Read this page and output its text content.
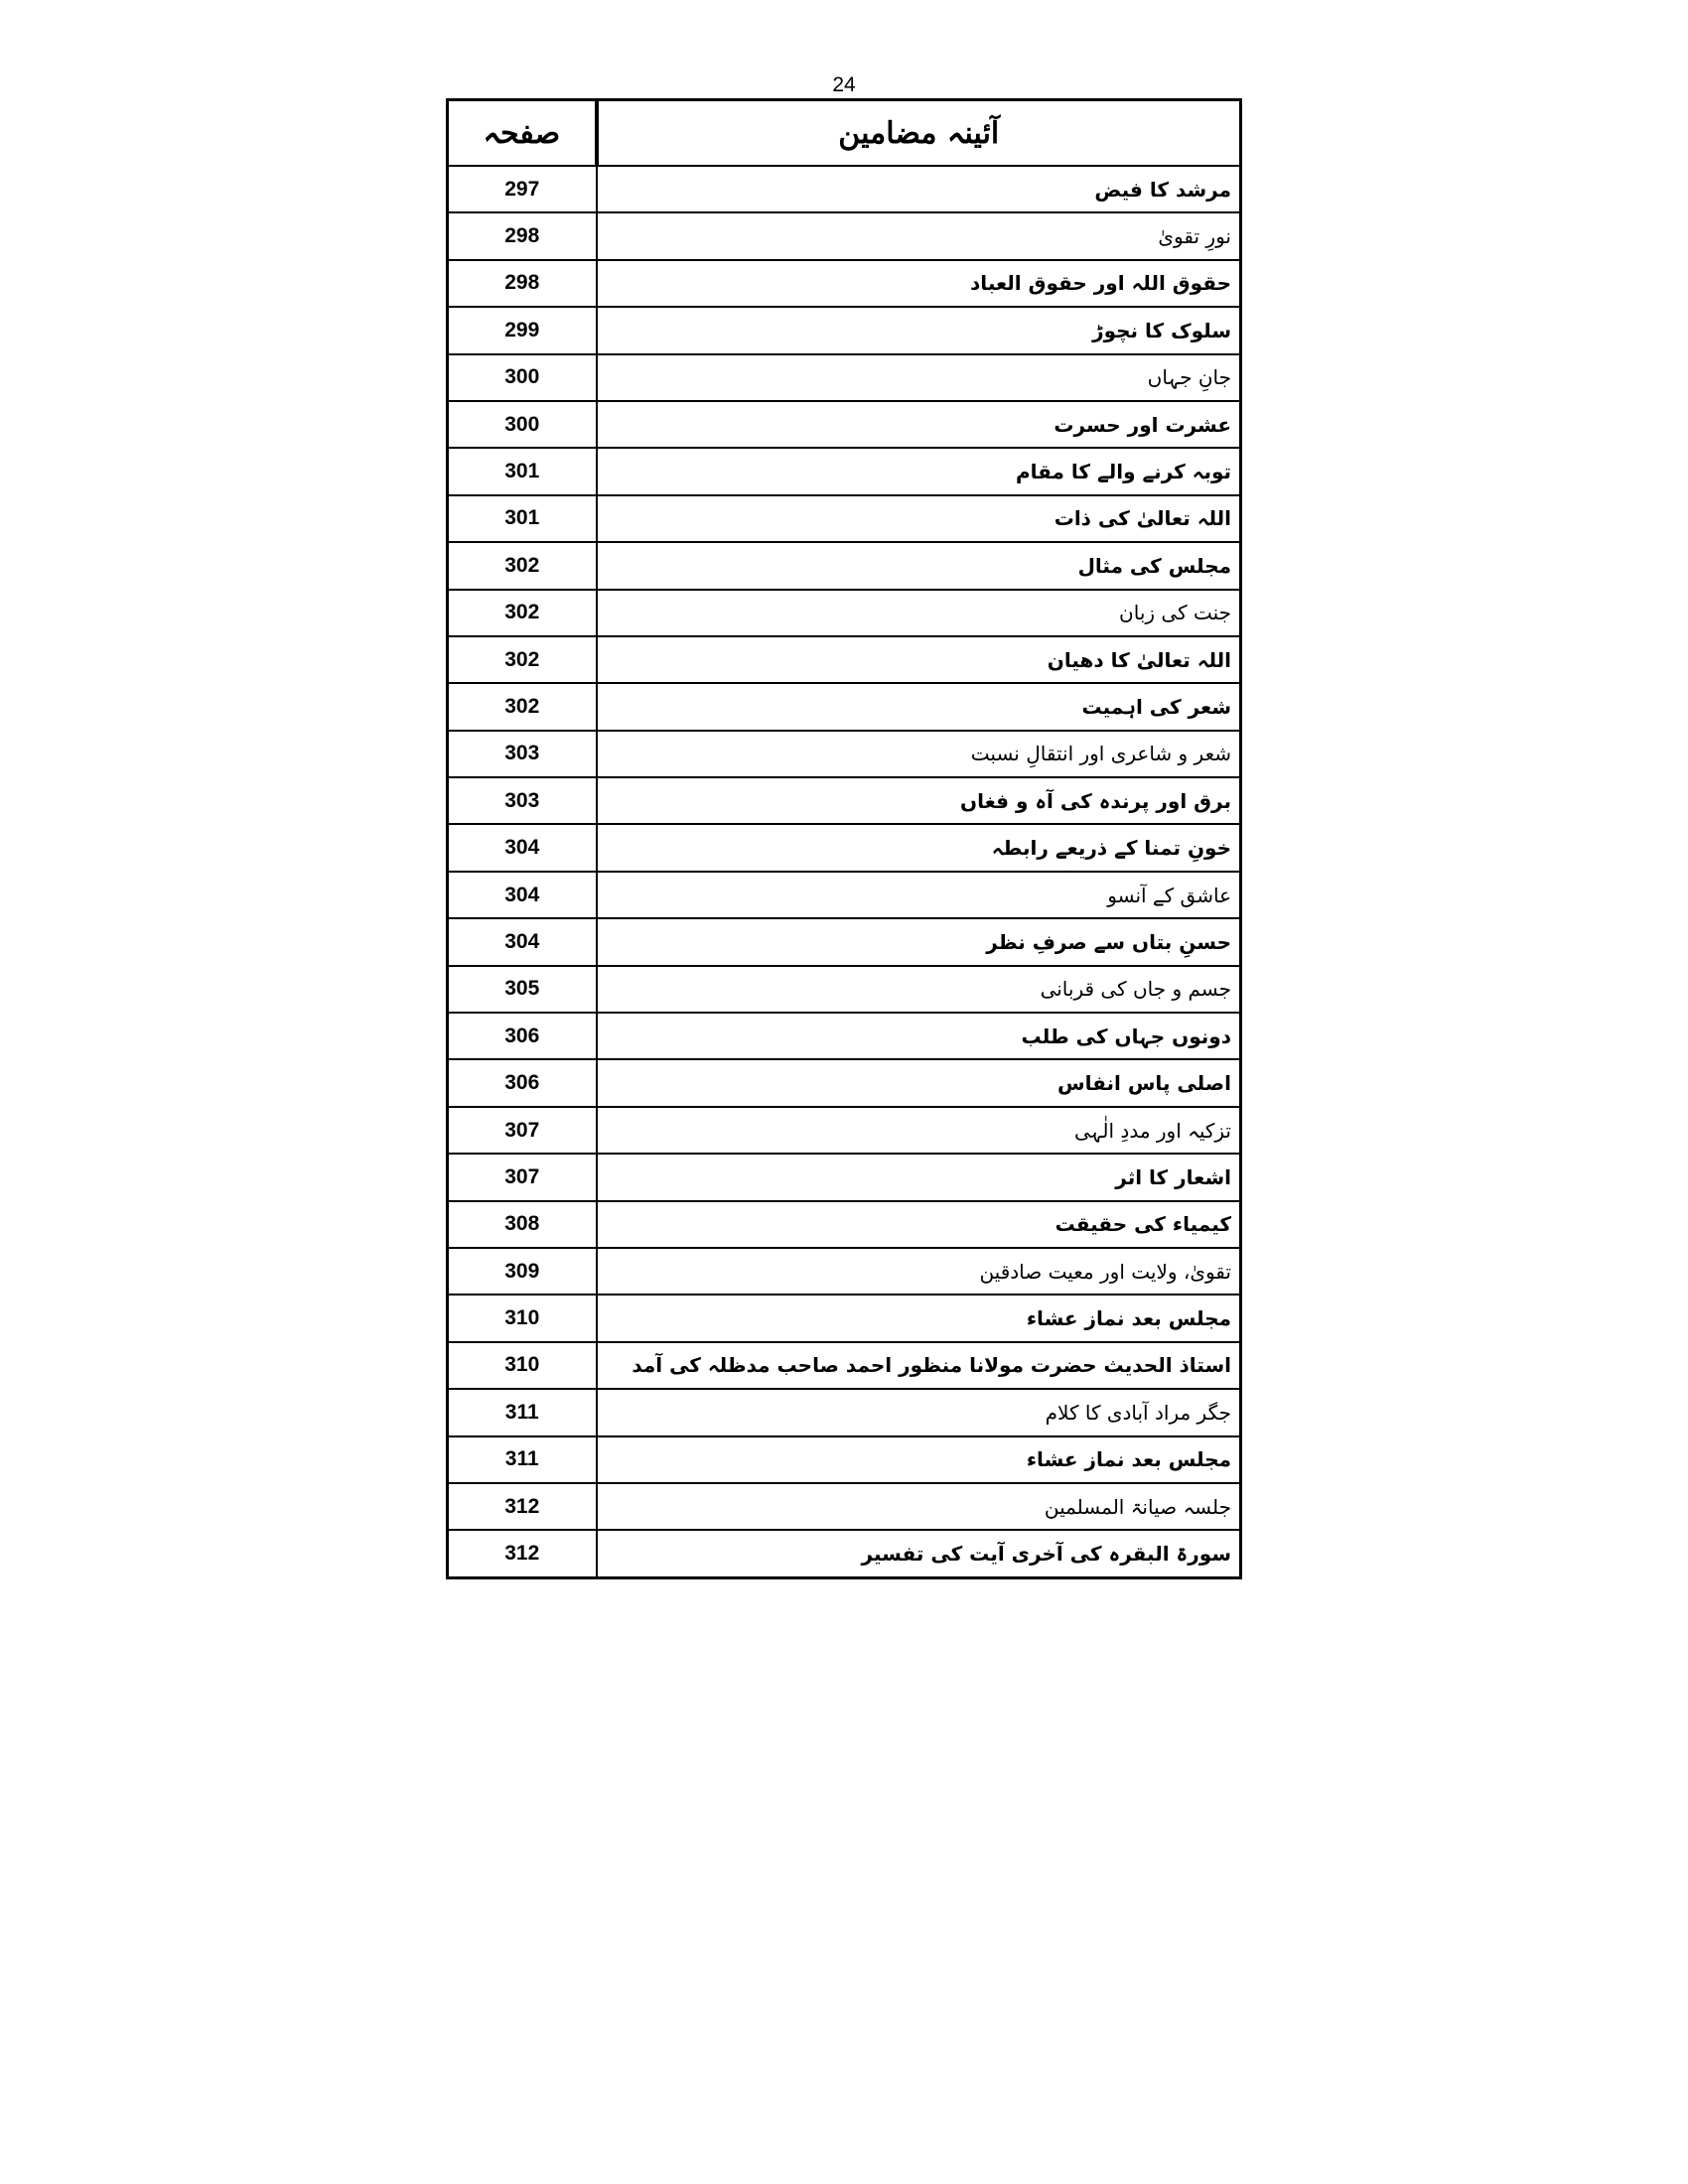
24
صفحہ	آئینہ مضامین
297	مرشد کا فیض
298	نورِ تقویٰ
298	حقوق اللہ اور حقوق العباد
299	سلوک کا نچوڑ
300	جانِ جہاں
300	عشرت اور حسرت
301	توبہ کرنے والے کا مقام
301	اللہ تعالیٰ کی ذات
302	مجلس کی مثال
302	جنت کی زبان
302	اللہ تعالیٰ کا دھیان
302	شعر کی اہمیت
303	شعر و شاعری اور انتقالِ نسبت
303	برق اور پرندہ کی آہ و فغاں
304	خونِ تمنا کے ذریعے رابطہ
304	عاشق کے آنسو
304	حسنِ بتاں سے صرفِ نظر
305	جسم و جاں کی قربانی
306	دونوں جہاں کی طلب
306	اصلی پاس انفاس
307	تزکیہ اور مددِ الٰہی
307	اشعار کا اثر
308	کیمیاء کی حقیقت
309	تقویٰ، ولایت اور معیت صادقین
310	مجلس بعد نماز عشاء
310	استاذ الحدیث حضرت مولانا منظور احمد صاحب مدظلہ کی آمد
311	جگر مراد آبادی کا کلام
311	مجلس بعد نماز عشاء
312	جلسہ صیانۃ المسلمین
312	سورۃ البقرہ کی آخری آیت کی تفسیر
